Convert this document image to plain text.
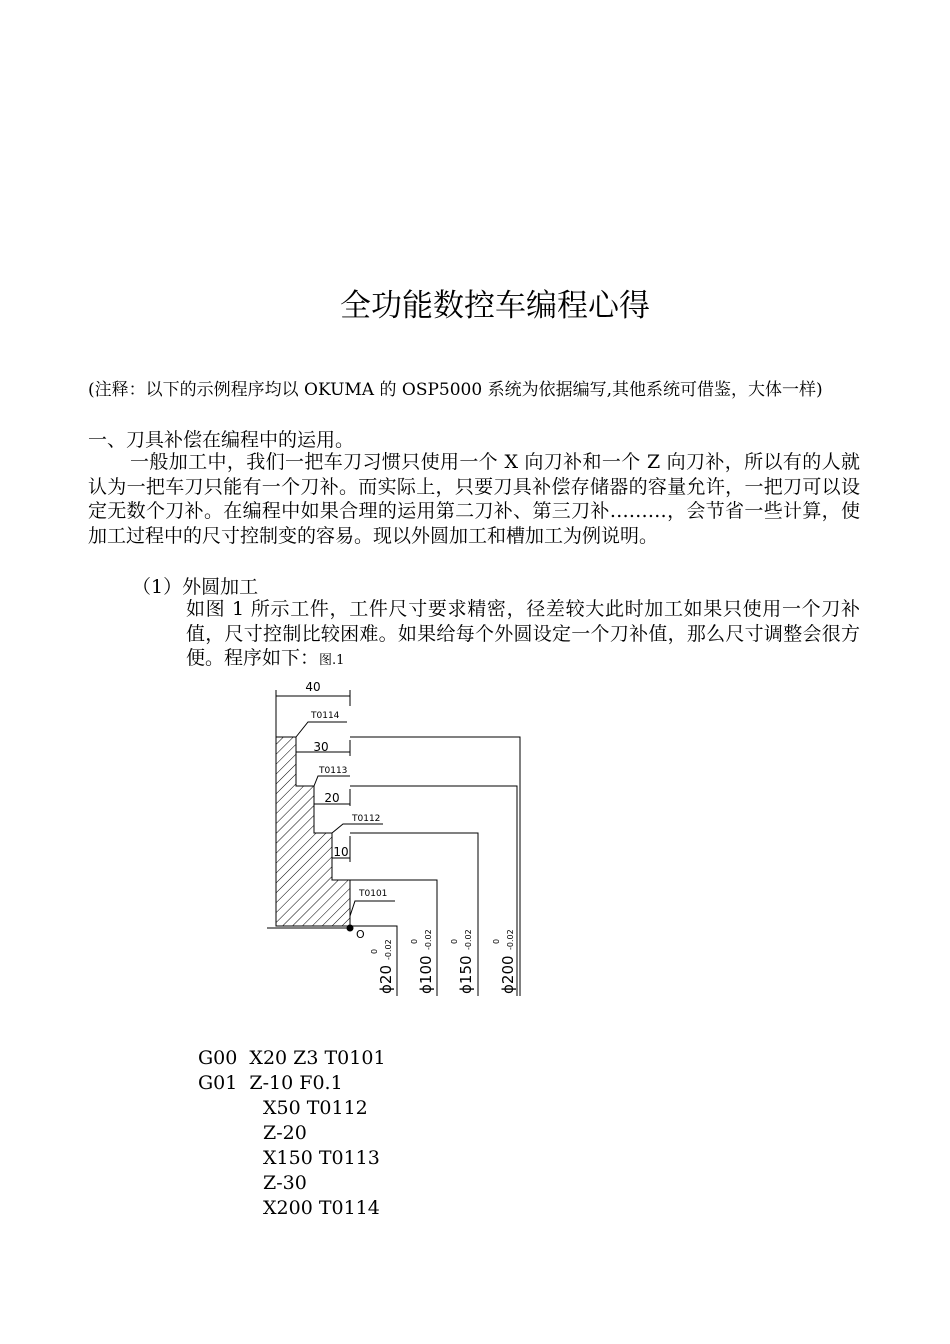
全功能数控车编程心得
(注释：以下的示例程序均以 OKUMA 的 OSP5000 系统为依据编写,其他系统可借鉴，大体一样)
一、刀具补偿在编程中的运用。
一般加工中，我们一把车刀习惯只使用一个 X 向刀补和一个 Z 向刀补，所以有的人就认为一把车刀只能有一个刀补。而实际上，只要刀具补偿存储器的容量允许，一把刀可以设定无数个刀补。在编程中如果合理的运用第二刀补、第三刀补………，会节省一些计算，使加工过程中的尺寸控制变的容易。现以外圆加工和槽加工为例说明。
（1）外圆加工
如图 1 所示工件，工件尺寸要求精密，径差较大此时加工如果只使用一个刀补值，尺寸控制比较困难。如果给每个外圆设定一个刀补值，那么尺寸调整会很方便。程序如下：图.1
40
T0114
30
T0113
20
T0112
10
T0101
O
ϕ20
0 -0.02
ϕ100
0 -0.02
ϕ150
0 -0.02
ϕ200
0 -0.02
G00  X20 Z3 T0101
G01  Z-10 F0.1
X50 T0112
Z-20
X150 T0113
Z-30
X200 T0114
